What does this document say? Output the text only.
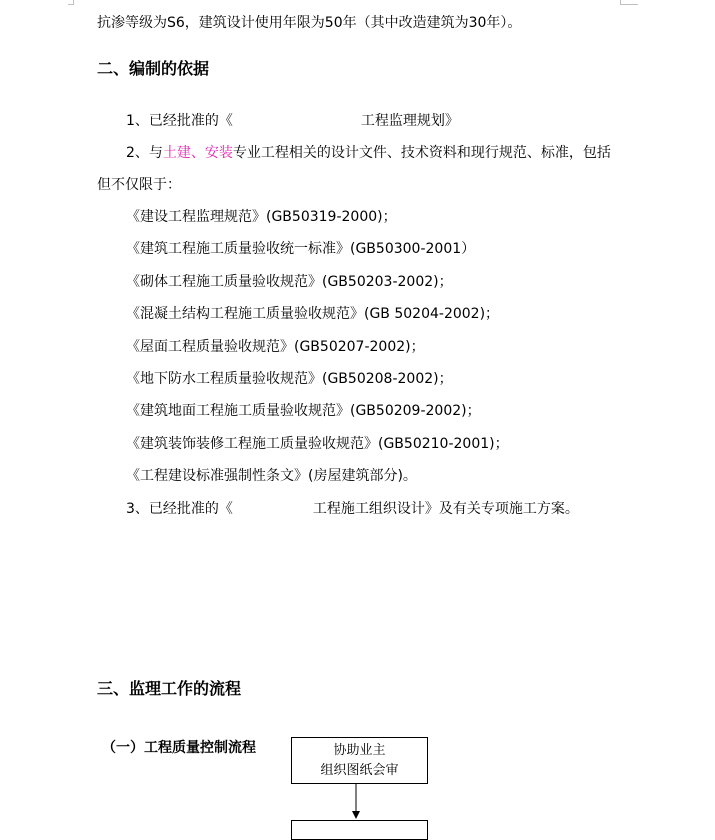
抗渗等级为S6，建筑设计使用年限为50年（其中改造建筑为30年）。
二、编制的依据
1、已经批准的《	工程监理规划》
2、与土建、安装专业工程相关的设计文件、技术资料和现行规范、标准，包括
但不仅限于：
《建设工程监理规范》(GB50319-2000)；
《建筑工程施工质量验收统一标准》(GB50300-2001）
《砌体工程施工质量验收规范》(GB50203-2002)；
《混凝土结构工程施工质量验收规范》(GB 50204-2002)；
《屋面工程质量验收规范》(GB50207-2002)；
《地下防水工程质量验收规范》(GB50208-2002)；
《建筑地面工程施工质量验收规范》(GB50209-2002)；
《建筑装饰装修工程施工质量验收规范》(GB50210-2001)；
《工程建设标准强制性条文》(房屋建筑部分)。
3、已经批准的《	工程施工组织设计》及有关专项施工方案。
三、监理工作的流程
（一）工程质量控制流程	协助业主
组织图纸会审
